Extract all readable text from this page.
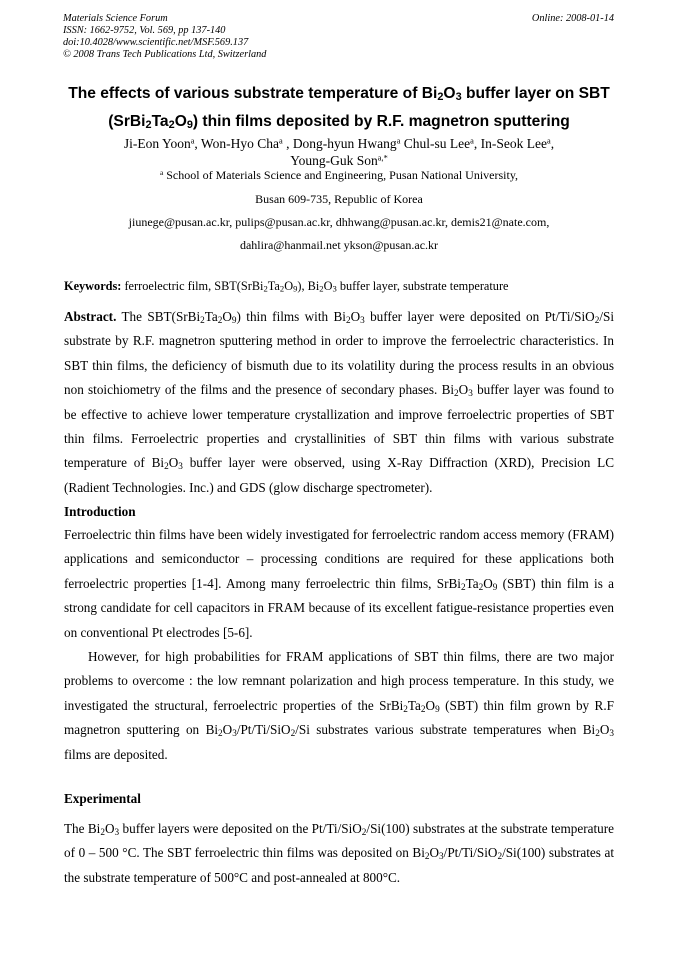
Materials Science Forum
ISSN: 1662-9752, Vol. 569, pp 137-140
doi:10.4028/www.scientific.net/MSF.569.137
© 2008 Trans Tech Publications Ltd, Switzerland
Online: 2008-01-14
The effects of various substrate temperature of $Bi_2O_3$ buffer layer on SBT
$(SrBi_2Ta_2O_9)$ thin films deposited by R.F. magnetron sputtering
Ji-Eon Yoon$^a$, Won-Hyo Cha$^a$ , Dong-hyun Hwang$^a$ Chul-su Lee$^a$, In-Seok Lee$^a$,
Young-Guk Son$^{a,*}$
$^a$ School of Materials Science and Engineering, Pusan National University,
Busan 609-735, Republic of Korea
jiunege@pusan.ac.kr, pulips@pusan.ac.kr, dhhwang@pusan.ac.kr, demis21@nate.com,
dahlira@hanmail.net ykson@pusan.ac.kr
Keywords: ferroelectric film, $SBT(SrBi_2Ta_2O_9)$, $Bi_2O_3$ buffer layer, substrate temperature
Abstract. The $SBT(SrBi_2Ta_2O_9)$ thin films with $Bi_2O_3$ buffer layer were deposited on Pt/Ti/SiO$_2$/Si substrate by R.F. magnetron sputtering method in order to improve the ferroelectric characteristics. In SBT thin films, the deficiency of bismuth due to its volatility during the process results in an obvious non stoichiometry of the films and the presence of secondary phases. $Bi_2O_3$ buffer layer was found to be effective to achieve lower temperature crystallization and improve ferroelectric properties of SBT thin films. Ferroelectric properties and crystallinities of SBT thin films with various substrate temperature of $Bi_2O_3$ buffer layer were observed, using X-Ray Diffraction (XRD), Precision LC (Radient Technologies. Inc.) and GDS (glow discharge spectrometer).
Introduction
Ferroelectric thin films have been widely investigated for ferroelectric random access memory (FRAM) applications and semiconductor – processing conditions are required for these applications both ferroelectric properties [1-4]. Among many ferroelectric thin films, $SrBi_2Ta_2O_9$ (SBT) thin film is a strong candidate for cell capacitors in FRAM because of its excellent fatigue-resistance properties even on conventional Pt electrodes [5-6].
However, for high probabilities for FRAM applications of SBT thin films, there are two major problems to overcome : the low remnant polarization and high process temperature. In this study, we investigated the structural, ferroelectric properties of the $SrBi_2Ta_2O_9$ (SBT) thin film grown by R.F magnetron sputtering on $Bi_2O_3/Pt/Ti/SiO_2/Si$ substrates various substrate temperatures when $Bi_2O_3$ films are deposited.
Experimental
The $Bi_2O_3$ buffer layers were deposited on the Pt/Ti/SiO$_2$/Si(100) substrates at the substrate temperature of 0 – 500 °C. The SBT ferroelectric thin films was deposited on $Bi_2O_3/Pt/Ti/SiO_2/Si(100)$ substrates at the substrate temperature of 500°C and post-annealed at 800°C.
